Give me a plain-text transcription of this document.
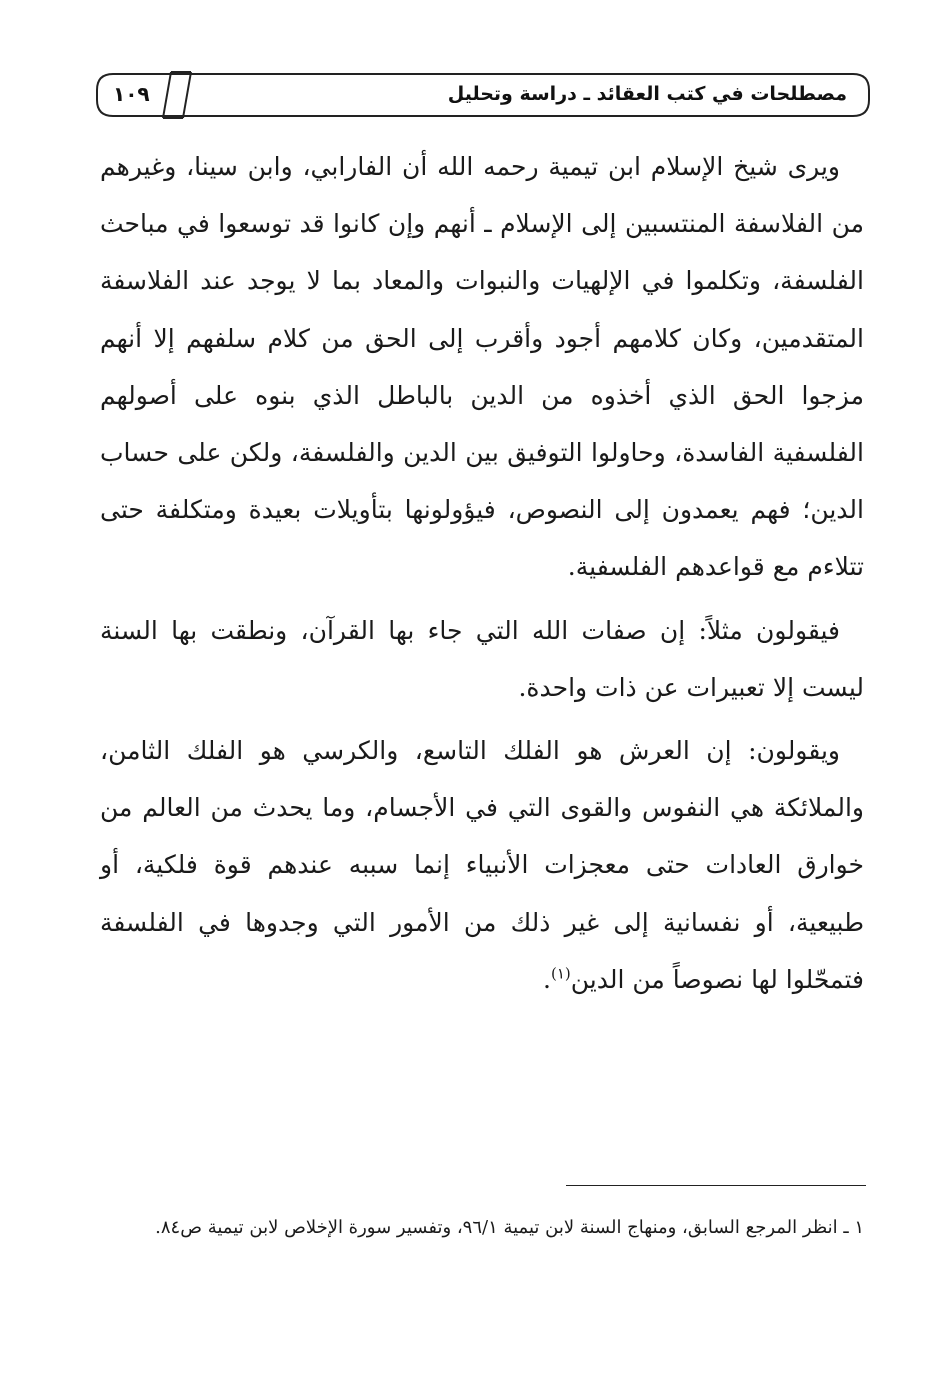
١٠٩	مصطلحات في كتب العقائد ـ دراسة وتحليل

ويرى شيخ الإسلام ابن تيمية رحمه الله أن الفارابي، وابن سينا، وغيرهم من الفلاسفة المنتسبين إلى الإسلام ـ أنهم وإن كانوا قد توسعوا في مباحث الفلسفة، وتكلموا في الإلهيات والنبوات والمعاد بما لا يوجد عند الفلاسفة المتقدمين، وكان كلامهم أجود وأقرب إلى الحق من كلام سلفهم إلا أنهم مزجوا الحق الذي أخذوه من الدين بالباطل الذي بنوه على أصولهم الفلسفية الفاسدة، وحاولوا التوفيق بين الدين والفلسفة، ولكن على حساب الدين؛ فهم يعمدون إلى النصوص، فيؤولونها بتأويلات بعيدة ومتكلفة حتى تتلاءم مع قواعدهم الفلسفية.

فيقولون مثلاً: إن صفات الله التي جاء بها القرآن، ونطقت بها السنة ليست إلا تعبيرات عن ذات واحدة.

ويقولون: إن العرش هو الفلك التاسع، والكرسي هو الفلك الثامن، والملائكة هي النفوس والقوى التي في الأجسام، وما يحدث من العالم من خوارق العادات حتى معجزات الأنبياء إنما سببه عندهم قوة فلكية، أو طبيعية، أو نفسانية إلى غير ذلك من الأمور التي وجدوها في الفلسفة فتمحّلوا لها نصوصاً من الدين$^{(١)}$.

١ ـ انظر المرجع السابق، ومنهاج السنة لابن تيمية ٩٦/١، وتفسير سورة الإخلاص لابن تيمية ص٨٤.
